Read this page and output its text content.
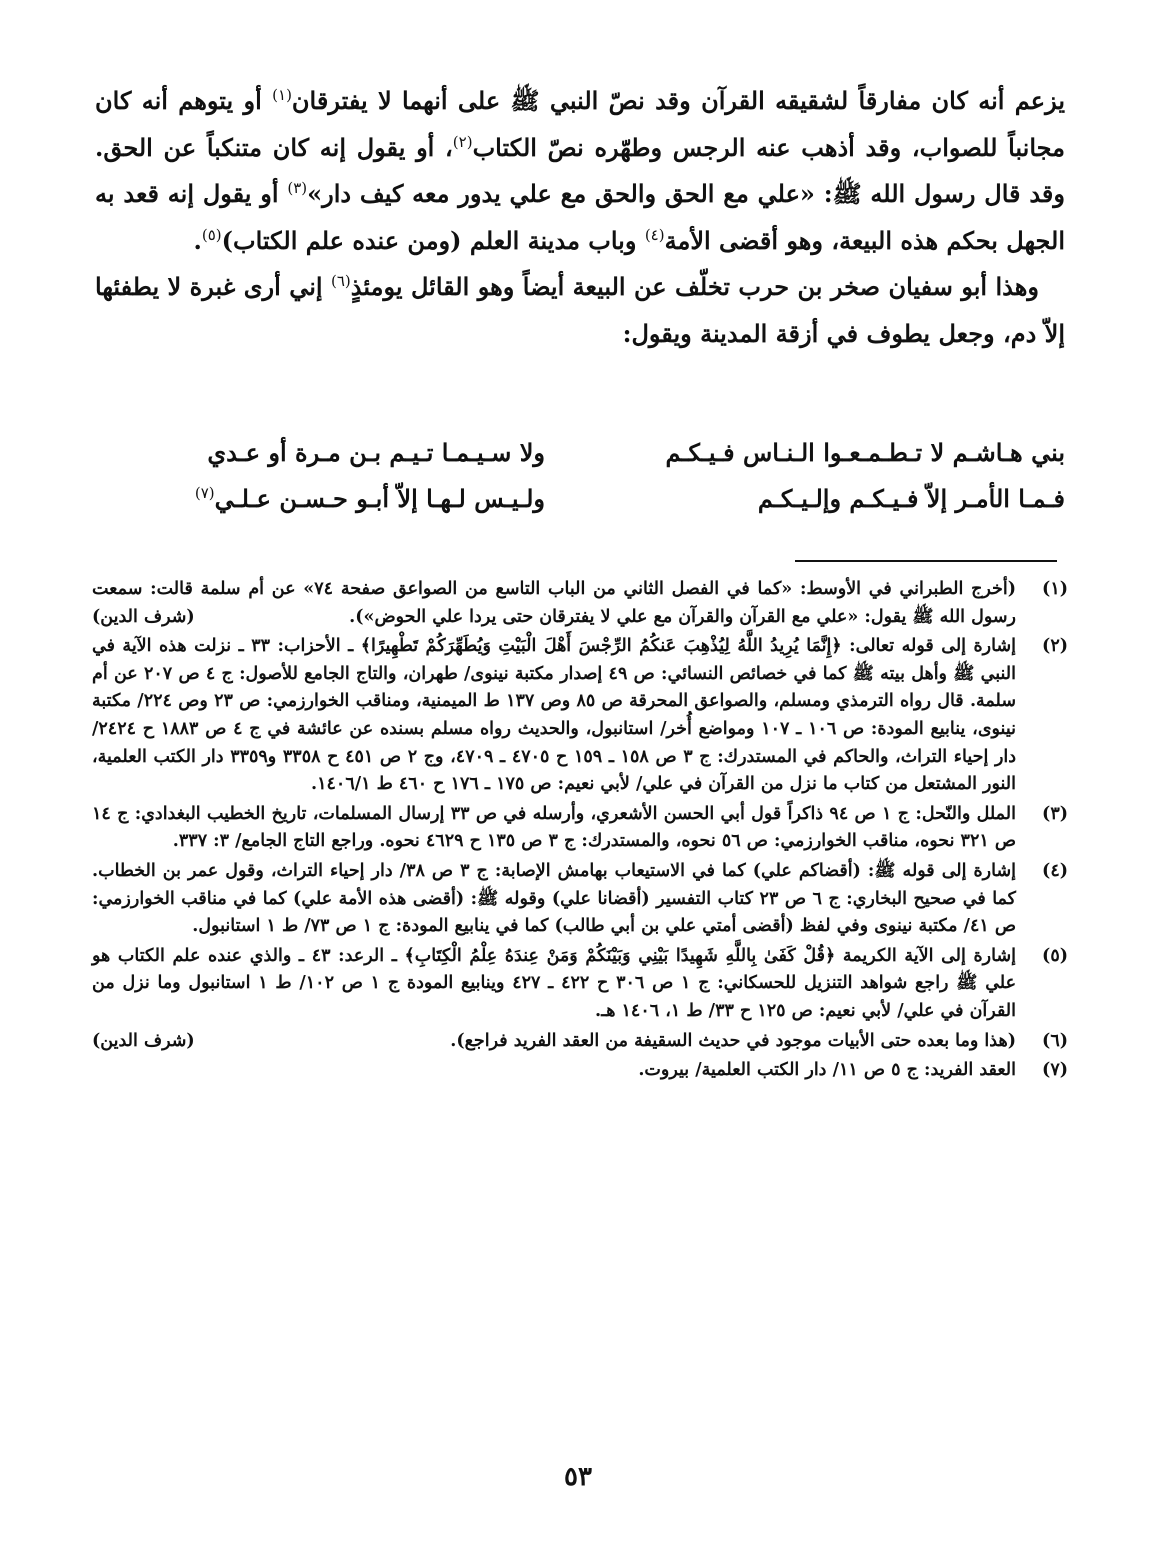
يزعم أنه كان مفارقاً لشقيقه القرآن وقد نصّ النبي ﷺ على أنهما لا يفترقان$^{(١)}$ أو يتوهم أنه كان مجانباً للصواب، وقد أذهب عنه الرجس وطهّره نصّ الكتاب$^{(٢)}$، أو يقول إنه كان متنكباً عن الحق. وقد قال رسول الله ﷺ: «علي مع الحق والحق مع علي يدور معه كيف دار»$^{(٣)}$ أو يقول إنه قعد به الجهل بحكم هذه البيعة، وهو أقضى الأمة$^{(٤)}$ وباب مدينة العلم (ومن عنده علم الكتاب)$^{(٥)}$.

وهذا أبو سفيان صخر بن حرب تخلّف عن البيعة أيضاً وهو القائل يومئذٍ$^{(٦)}$ إني أرى غبرة لا يطفئها إلاّ دم، وجعل يطوف في أزقة المدينة ويقول:

بني هـاشـم لا تـطـمـعـوا الـنـاس فـيـكـم
ولا سـيـمـا تـيـم بـن مـرة أو عـدي
فـمـا الأمـر إلاّ فـيـكـم وإلـيـكـم
ولـيـس لـهـا إلاّ أبـو حـسـن عـلـي$^{(٧)}$
(١)
(أخرج الطبراني في الأوسط: «كما في الفصل الثاني من الباب التاسع من الصواعق صفحة ٧٤» عن أم سلمة قالت: سمعت رسول الله ﷺ يقول: «علي مع القرآن والقرآن مع علي لا يفترقان حتى يردا علي الحوض»).
(شرف الدين)
(٢)
إشارة إلى قوله تعالى: ﴿إِنَّمَا يُرِيدُ اللَّهُ لِيُذْهِبَ عَنكُمُ الرِّجْسَ أَهْلَ الْبَيْتِ وَيُطَهِّرَكُمْ تَطْهِيرًا﴾ ـ الأحزاب: ٣٣ ـ نزلت هذه الآية في النبي ﷺ وأهل بيته ﷺ كما في خصائص النسائي: ص ٤٩ إصدار مكتبة نينوى/ طهران، والتاج الجامع للأصول: ج ٤ ص ٢٠٧ عن أم سلمة. قال رواه الترمذي ومسلم، والصواعق المحرقة ص ٨٥ وص ١٣٧ ط الميمنية، ومناقب الخوارزمي: ص ٢٣ وص ٢٢٤/ مكتبة نينوى، ينابيع المودة: ص ١٠٦ ـ ١٠٧ ومواضع أُخر/ استانبول، والحديث رواه مسلم بسنده عن عائشة في ج ٤ ص ١٨٨٣ ح ٢٤٢٤/ دار إحياء التراث، والحاكم في المستدرك: ج ٣ ص ١٥٨ ـ ١٥٩ ح ٤٧٠٥ ـ ٤٧٠٩، وج ٢ ص ٤٥١ ح ٣٣٥٨ و٣٣٥٩ دار الكتب العلمية، النور المشتعل من كتاب ما نزل من القرآن في علي/ لأبي نعيم: ص ١٧٥ ـ ١٧٦ ح ٤٦٠ ط ١٤٠٦/١.
(٣)
الملل والنّحل: ج ١ ص ٩٤ ذاكراً قول أبي الحسن الأشعري، وأرسله في ص ٣٣ إرسال المسلمات، تاريخ الخطيب البغدادي: ج ١٤ ص ٣٢١ نحوه، مناقب الخوارزمي: ص ٥٦ نحوه، والمستدرك: ج ٣ ص ١٣٥ ح ٤٦٢٩ نحوه. وراجع التاج الجامع/ ٣: ٣٣٧.
(٤)
إشارة إلى قوله ﷺ: (أقضاكم علي) كما في الاستيعاب بهامش الإصابة: ج ٣ ص ٣٨/ دار إحياء التراث، وقول عمر بن الخطاب. كما في صحيح البخاري: ج ٦ ص ٢٣ كتاب التفسير (أقضانا علي) وقوله ﷺ: (أقضى هذه الأمة علي) كما في مناقب الخوارزمي: ص ٤١/ مكتبة نينوى وفي لفظ (أقضى أمتي علي بن أبي طالب) كما في ينابيع المودة: ج ١ ص ٧٣/ ط ١ استانبول.
(٥)
إشارة إلى الآية الكريمة ﴿قُلْ كَفَىٰ بِاللَّهِ شَهِيدًا بَيْنِي وَبَيْنَكُمْ وَمَنْ عِندَهُ عِلْمُ الْكِتَابِ﴾ ـ الرعد: ٤٣ ـ والذي عنده علم الكتاب هو علي ﷺ راجع شواهد التنزيل للحسكاني: ج ١ ص ٣٠٦ ح ٤٢٢ ـ ٤٢٧ وينابيع المودة ج ١ ص ١٠٢/ ط ١ استانبول وما نزل من القرآن في علي/ لأبي نعيم: ص ١٢٥ ح ٣٣/ ط ١، ١٤٠٦ هـ.
(٦)
(هذا وما بعده حتى الأبيات موجود في حديث السقيفة من العقد الفريد فراجع).
(شرف الدين)
(٧)
العقد الفريد: ج ٥ ص ١١/ دار الكتب العلمية/ بيروت.
٥٣
